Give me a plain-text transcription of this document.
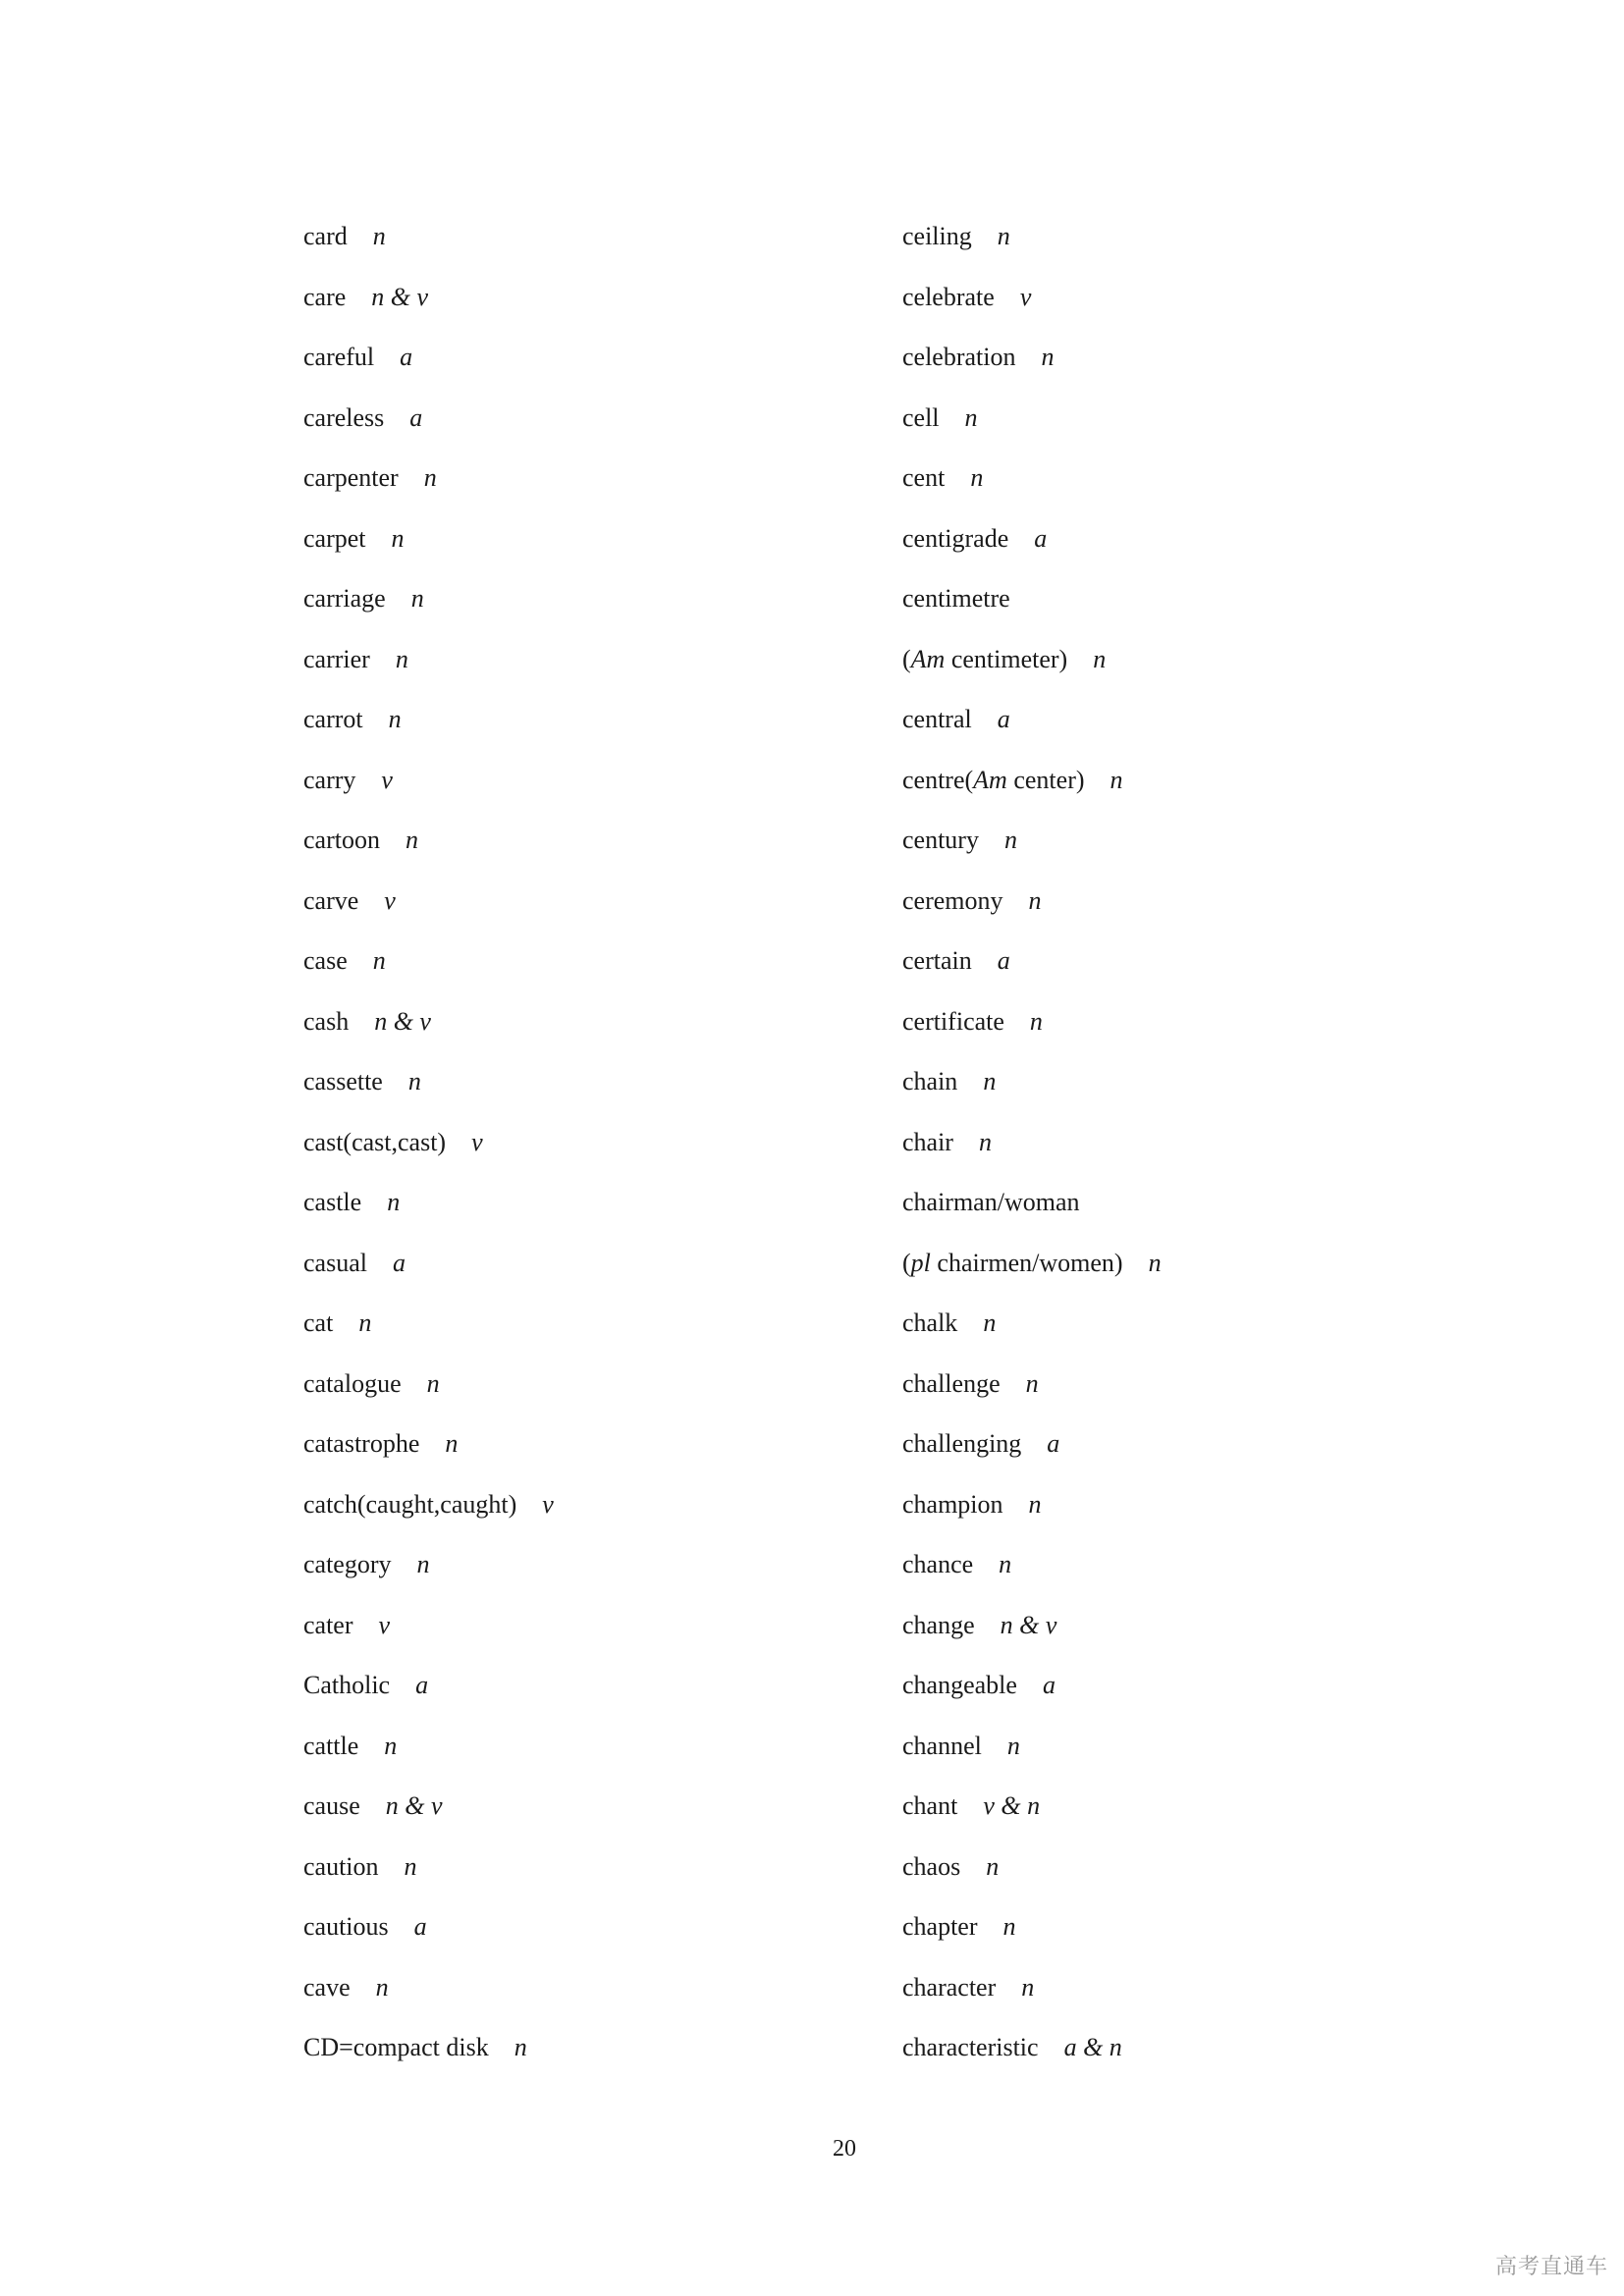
card n
care n & v
careful a
careless a
carpenter n
carpet n
carriage n
carrier n
carrot n
carry v
cartoon n
carve v
case n
cash n & v
cassette n
cast(cast,cast) v
castle n
casual a
cat n
catalogue n
catastrophe n
catch(caught,caught) v
category n
cater v
Catholic a
cattle n
cause n & v
caution n
cautious a
cave n
CD=compact disk n
ceiling n
celebrate v
celebration n
cell n
cent n
centigrade a
centimetre
(Am centimeter) n
central a
centre(Am center) n
century n
ceremony n
certain a
certificate n
chain n
chair n
chairman/woman
(pl chairmen/women) n
chalk n
challenge n
challenging a
champion n
chance n
change n & v
changeable a
channel n
chant v & n
chaos n
chapter n
character n
characteristic a & n
20
高考直通车
